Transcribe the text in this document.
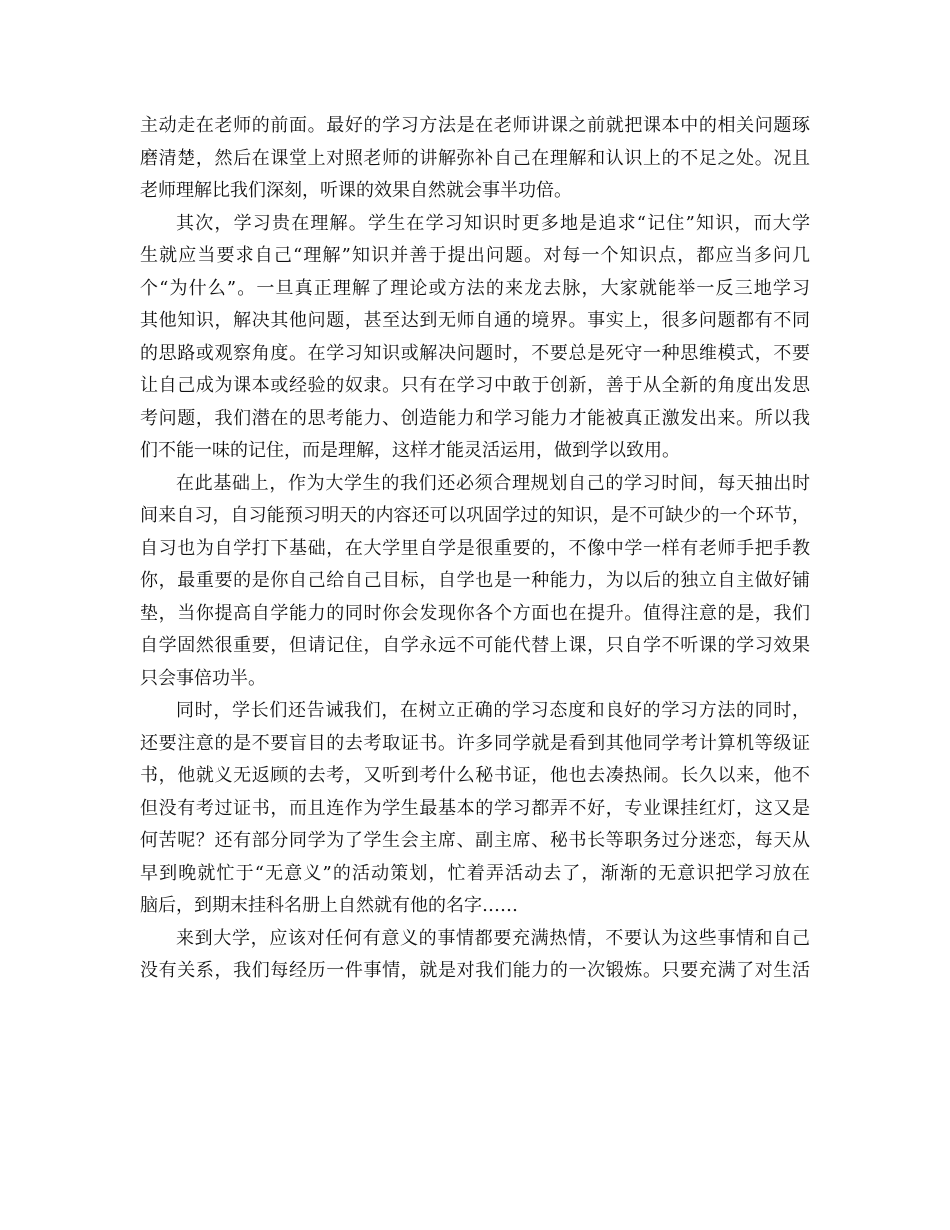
主动走在老师的前面。最好的学习方法是在老师讲课之前就把课本中的相关问题琢
磨清楚，然后在课堂上对照老师的讲解弥补自己在理解和认识上的不足之处。况且
老师理解比我们深刻，听课的效果自然就会事半功倍。
其次，学习贵在理解。学生在学习知识时更多地是追求“记住”知识，而大学
生就应当要求自己“理解”知识并善于提出问题。对每一个知识点，都应当多问几
个“为什么”。一旦真正理解了理论或方法的来龙去脉，大家就能举一反三地学习
其他知识，解决其他问题，甚至达到无师自通的境界。事实上，很多问题都有不同
的思路或观察角度。在学习知识或解决问题时，不要总是死守一种思维模式，不要
让自己成为课本或经验的奴隶。只有在学习中敢于创新，善于从全新的角度出发思
考问题，我们潜在的思考能力、创造能力和学习能力才能被真正激发出来。所以我
们不能一味的记住，而是理解，这样才能灵活运用，做到学以致用。
在此基础上，作为大学生的我们还必须合理规划自己的学习时间，每天抽出时
间来自习，自习能预习明天的内容还可以巩固学过的知识，是不可缺少的一个环节，
自习也为自学打下基础，在大学里自学是很重要的，不像中学一样有老师手把手教
你，最重要的是你自己给自己目标，自学也是一种能力，为以后的独立自主做好铺
垫，当你提高自学能力的同时你会发现你各个方面也在提升。值得注意的是，我们
自学固然很重要，但请记住，自学永远不可能代替上课，只自学不听课的学习效果
只会事倍功半。
同时，学长们还告诫我们，在树立正确的学习态度和良好的学习方法的同时，
还要注意的是不要盲目的去考取证书。许多同学就是看到其他同学考计算机等级证
书，他就义无返顾的去考，又听到考什么秘书证，他也去凑热闹。长久以来，他不
但没有考过证书，而且连作为学生最基本的学习都弄不好，专业课挂红灯，这又是
何苦呢？还有部分同学为了学生会主席、副主席、秘书长等职务过分迷恋，每天从
早到晚就忙于“无意义”的活动策划，忙着弄活动去了，渐渐的无意识把学习放在
脑后，到期末挂科名册上自然就有他的名字……
来到大学，应该对任何有意义的事情都要充满热情，不要认为这些事情和自己
没有关系，我们每经历一件事情，就是对我们能力的一次锻炼。只要充满了对生活
